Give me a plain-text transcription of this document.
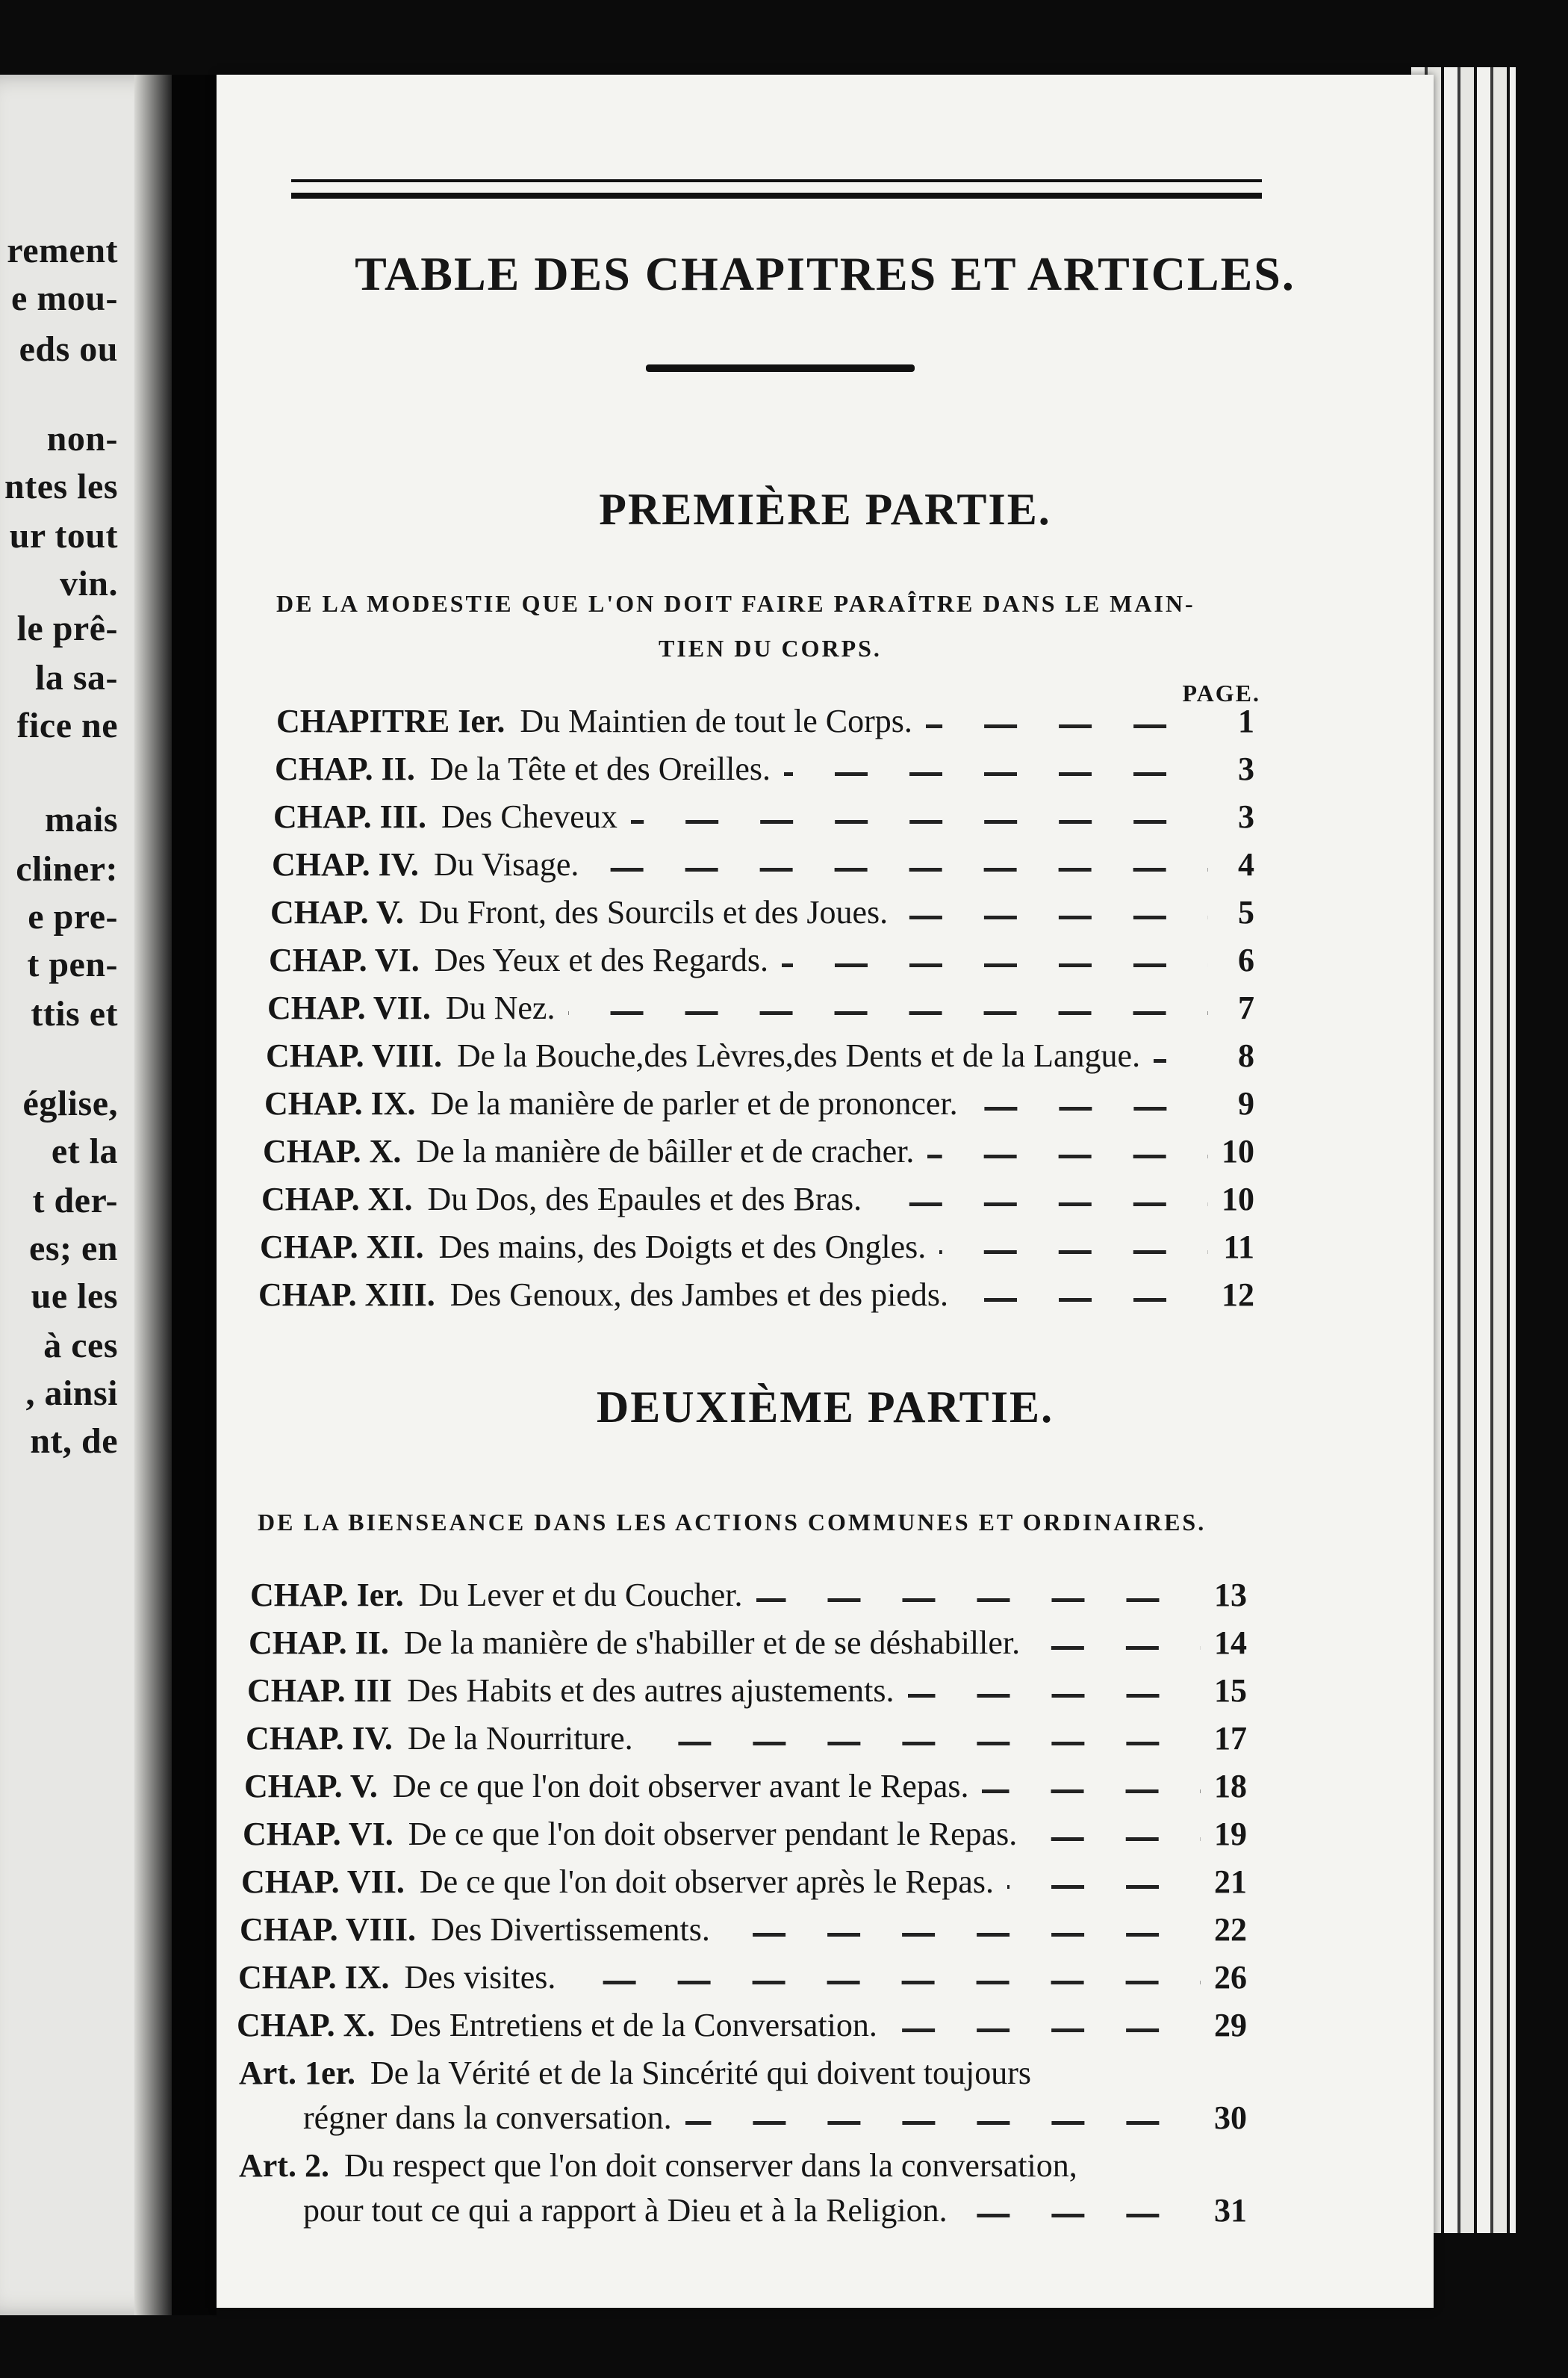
rement
e mou-
eds ou
non-
ntes les
ur tout
vin.
le prê-
la sa-
fice ne
mais
cliner:
e pre-
t pen-
ttis et
église,
et la
t der-
es; en
ue les
à ces
, ainsi
nt, de
TABLE DES CHAPITRES ET ARTICLES.
PREMIÈRE PARTIE.
DE LA MODESTIE QUE L'ON DOIT FAIRE PARAÎTRE DANS LE MAIN-
TIEN DU CORPS.
PAGE.
CHAPITRE Ier. Du Maintien de tout le Corps.	1
CHAP. II. De la Tête et des Oreilles.	3
CHAP. III. Des Cheveux	3
CHAP. IV. Du Visage.	4
CHAP. V. Du Front, des Sourcils et des Joues.	5
CHAP. VI. Des Yeux et des Regards.	6
CHAP. VII. Du Nez.	7
CHAP. VIII. De la Bouche,des Lèvres,des Dents et de la Langue.	8
CHAP. IX. De la manière de parler et de prononcer.	9
CHAP. X. De la manière de bâiller et de cracher.	10
CHAP. XI. Du Dos, des Epaules et des Bras.	10
CHAP. XII. Des mains, des Doigts et des Ongles.	11
CHAP. XIII. Des Genoux, des Jambes et des pieds.	12
DEUXIÈME PARTIE.
DE LA BIENSEANCE DANS LES ACTIONS COMMUNES ET ORDINAIRES.
CHAP. Ier. Du Lever et du Coucher.	13
CHAP. II. De la manière de s'habiller et de se déshabiller.	14
CHAP. III Des Habits et des autres ajustements.	15
CHAP. IV. De la Nourriture.	17
CHAP. V. De ce que l'on doit observer avant le Repas.	18
CHAP. VI. De ce que l'on doit observer pendant le Repas.	19
CHAP. VII. De ce que l'on doit observer après le Repas.	21
CHAP. VIII. Des Divertissements.	22
CHAP. IX. Des visites.	26
CHAP. X. Des Entretiens et de la Conversation.	29
Art. 1er. De la Vérité et de la Sincérité qui doivent toujours
régner dans la conversation.	30
Art. 2. Du respect que l'on doit conserver dans la conversation,
pour tout ce qui a rapport à Dieu et à la Religion.	31
